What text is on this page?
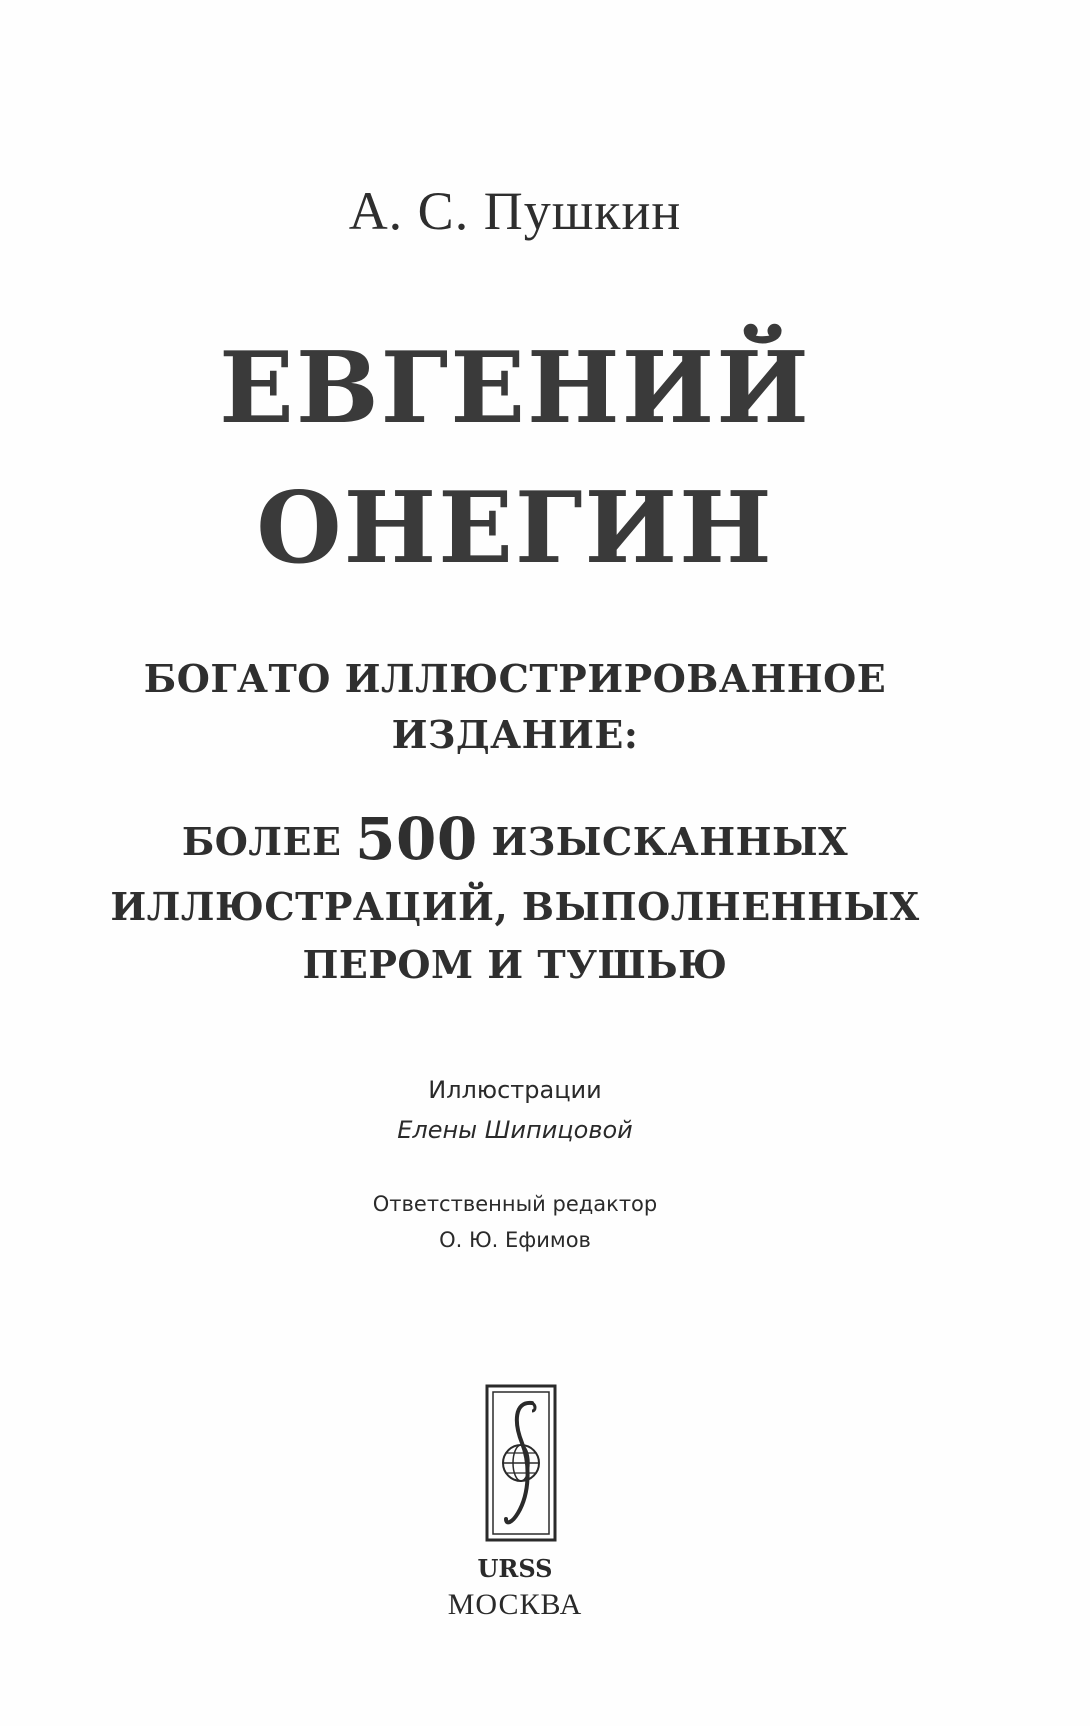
А. С. Пушкин
ЕВГЕНИЙ
ОНЕГИН
БОГАТО ИЛЛЮСТРИРОВАННОЕ
ИЗДАНИЕ:
БОЛЕЕ 500 ИЗЫСКАННЫХ
ИЛЛЮСТРАЦИЙ, ВЫПОЛНЕННЫХ
ПЕРОМ И ТУШЬЮ
Иллюстрации
Елены Шипицовой
Ответственный редактор
О. Ю. Ефимов
URSS
МОСКВА
